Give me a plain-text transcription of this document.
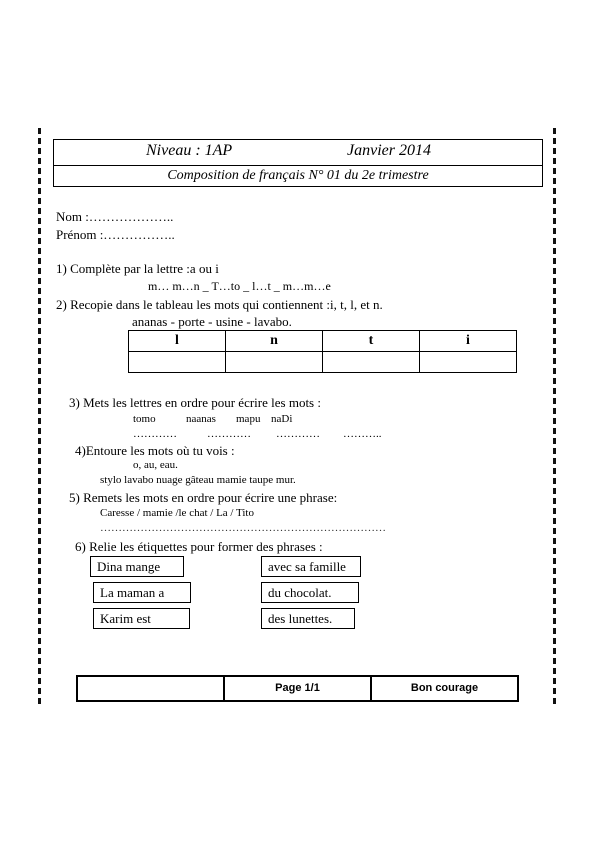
Niveau : 1AP	Janvier 2014
Composition de français N° 01 du 2e trimestre
Nom :………………..
Prénom :……………..
1) Complète par la lettre :a ou i
m… m…n _ T…to _ l…t _ m…m…e
2) Recopie dans le tableau les mots qui contiennent :i, t, l, et n.
ananas - porte - usine - lavabo.
l	n	t	i

3) Mets les lettres en ordre pour écrire les mots :
tomo	naanas mapu naDi
…………	………… ………… ………..
4)Entoure les mots où tu vois :
o, au, eau.
stylo lavabo nuage gâteau mamie taupe mur.
5) Remets les mots en ordre pour écrire une phrase:
Caresse / mamie /le chat / La / Tito
……………………………………………………………………
6) Relie les étiquettes pour former des phrases :
Dina mange
La maman a
Karim est
avec sa famille
du chocolat.
des lunettes.
Page 1/1	Bon courage
